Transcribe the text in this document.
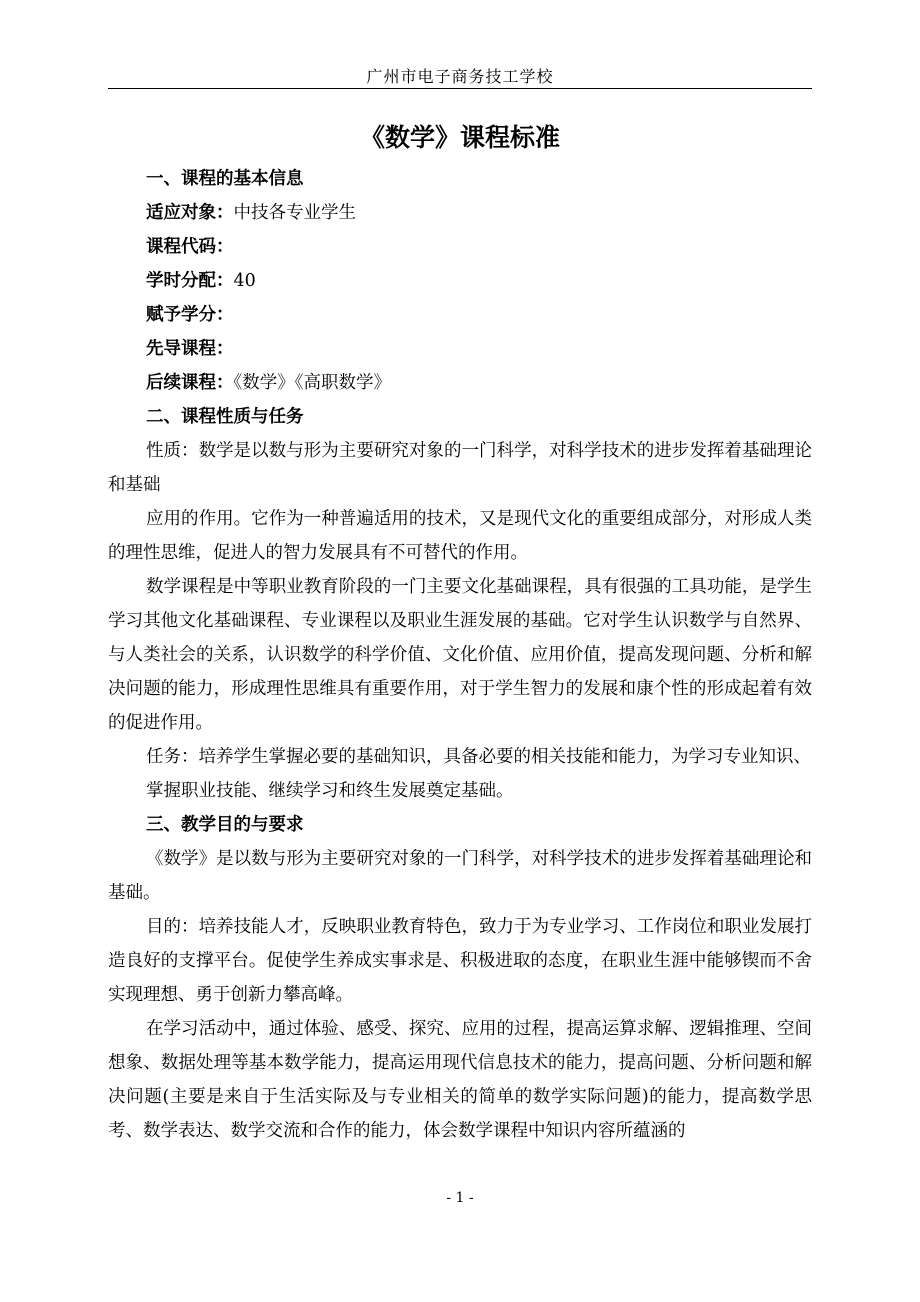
广州市电子商务技工学校
《数学》课程标准

一、课程的基本信息

适应对象：中技各专业学生

课程代码：

学时分配：40

赋予学分：

先导课程：

后续课程：《数学》《高职数学》

二、课程性质与任务

性质：数学是以数与形为主要研究对象的一门科学，对科学技术的进步发挥着基础理论和基础

应用的作用。它作为一种普遍适用的技术，又是现代文化的重要组成部分，对形成人类的理性思维，促进人的智力发展具有不可替代的作用。

数学课程是中等职业教育阶段的一门主要文化基础课程，具有很强的工具功能，是学生学习其他文化基础课程、专业课程以及职业生涯发展的基础。它对学生认识数学与自然界、与人类社会的关系，认识数学的科学价值、文化价值、应用价值，提高发现问题、分析和解决问题的能力，形成理性思维具有重要作用，对于学生智力的发展和康个性的形成起着有效的促进作用。

任务：培养学生掌握必要的基础知识，具备必要的相关技能和能力，为学习专业知识、

掌握职业技能、继续学习和终生发展奠定基础。

三、教学目的与要求

《数学》是以数与形为主要研究对象的一门科学，对科学技术的进步发挥着基础理论和基础。

目的：培养技能人才，反映职业教育特色，致力于为专业学习、工作岗位和职业发展打造良好的支撑平台。促使学生养成实事求是、积极进取的态度，在职业生涯中能够锲而不舍实现理想、勇于创新力攀高峰。

在学习活动中，通过体验、感受、探究、应用的过程，提高运算求解、逻辑推理、空间想象、数据处理等基本数学能力，提高运用现代信息技术的能力，提高问题、分析问题和解决问题(主要是来自于生活实际及与专业相关的简单的数学实际问题)的能力，提高数学思考、数学表达、数学交流和合作的能力，体会数学课程中知识内容所蕴涵的

- 1 -
